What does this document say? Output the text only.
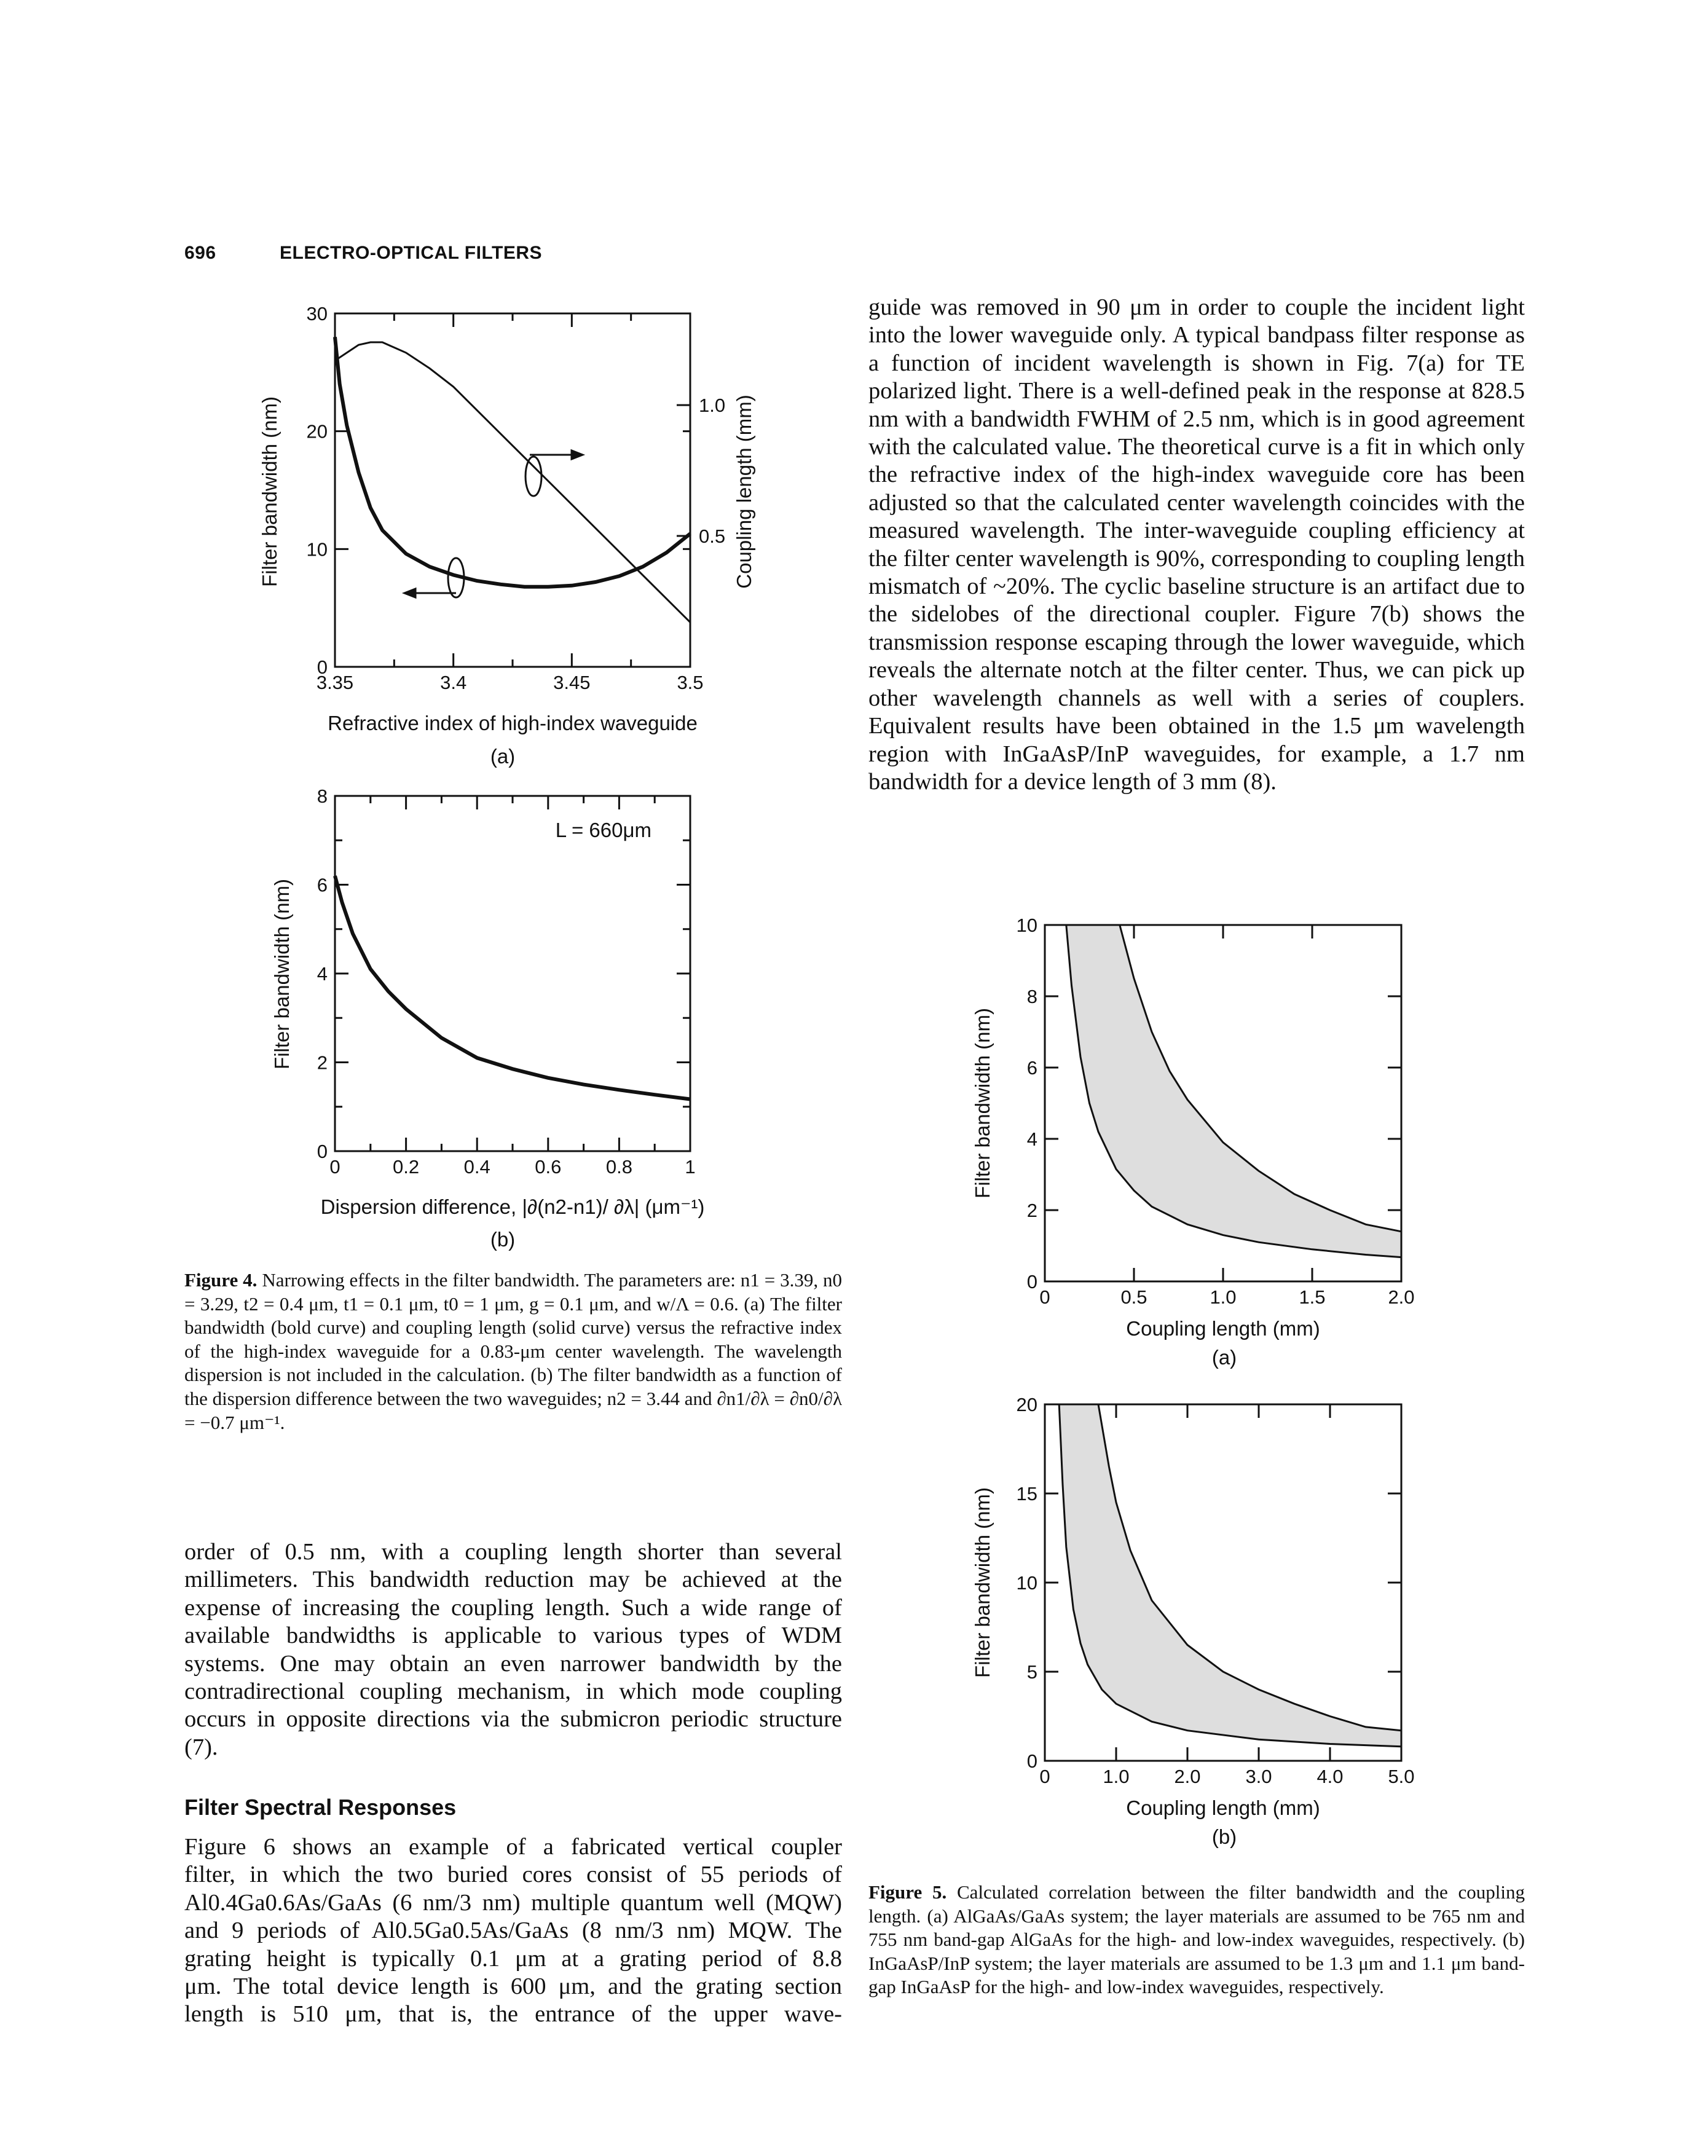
696	ELECTRO-OPTICAL FILTERS
3.35	3.4	3.45	3.5
0
10
20
30
0.5
1.0
Filter bandwidth (nm)	Coupling length (mm)
Refractive index of high-index waveguide
(a)
0	0.2 0.4 0.6 0.8	1
0
2
4
6
8
L = 660μm
Filter bandwidth (nm)
Dispersion difference, |∂(n2-n1)/ ∂λ| (μm⁻¹)
(b)

Figure 4. Narrowing effects in the filter bandwidth. The parameters are: n1 = 3.39, n0 = 3.29, t2 = 0.4 μm, t1 = 0.1 μm, t0 = 1 μm, g = 0.1 μm, and w/Λ = 0.6. (a) The filter bandwidth (bold curve) and coupling length (solid curve) versus the refractive index of the high-index waveguide for a 0.83-μm center wavelength. The wavelength dispersion is not included in the calculation. (b) The filter bandwidth as a function of the dispersion difference between the two waveguides; n2 = 3.44 and ∂n1/∂λ = ∂n0/∂λ = −0.7 μm⁻¹.

order of 0.5 nm, with a coupling length shorter than several millimeters. This bandwidth reduction may be achieved at the expense of increasing the coupling length. Such a wide range of available bandwidths is applicable to various types of WDM systems. One may obtain an even narrower bandwidth by the contradirectional coupling mechanism, in which mode coupling occurs in opposite directions via the submicron periodic structure (7).

Filter Spectral Responses
Figure 6 shows an example of a fabricated vertical coupler
filter, in which the two buried cores consist of 55 periods of
Al0.4Ga0.6As/GaAs (6 nm/3 nm) multiple quantum well (MQW)
and 9 periods of Al0.5Ga0.5As/GaAs (8 nm/3 nm) MQW. The
grating height is typically 0.1 μm at a grating period of 8.8
μm. The total device length is 600 μm, and the grating section
length is 510 μm, that is, the entrance of the upper wave-

guide was removed in 90 μm in order to couple the incident light into the lower waveguide only. A typical bandpass filter response as a function of incident wavelength is shown in Fig. 7(a) for TE polarized light. There is a well-defined peak in the response at 828.5 nm with a bandwidth FWHM of 2.5 nm, which is in good agreement with the calculated value. The theoretical curve is a fit in which only the refractive index of the high-index waveguide core has been adjusted so that the calculated center wavelength coincides with the measured wavelength. The inter-waveguide coupling efficiency at the filter center wavelength is 90%, corresponding to coupling length mismatch of ~20%. The cyclic baseline structure is an artifact due to the sidelobes of the directional coupler. Figure 7(b) shows the transmission response escaping through the lower waveguide, which reveals the alternate notch at the filter center. Thus, we can pick up other wavelength channels as well with a series of couplers. Equivalent results have been obtained in the 1.5 μm wavelength region with InGaAsP/InP waveguides, for example, a 1.7 nm bandwidth for a device length of 3 mm (8).

0	0.5	1.0	1.5	2.0
0
2
4
6
8
10
Filter bandwidth (nm)
Coupling length (mm)
(a)
0	1.0 2.0 3.0 4.0 5.0
0
5
10
15
20
Filter bandwidth (nm)
Coupling length (mm)
(b)

Figure 5. Calculated correlation between the filter bandwidth and the coupling length. (a) AlGaAs/GaAs system; the layer materials are assumed to be 765 nm and 755 nm band-gap AlGaAs for the high- and low-index waveguides, respectively. (b) InGaAsP/InP system; the layer materials are assumed to be 1.3 μm and 1.1 μm band-gap InGaAsP for the high- and low-index waveguides, respectively.
